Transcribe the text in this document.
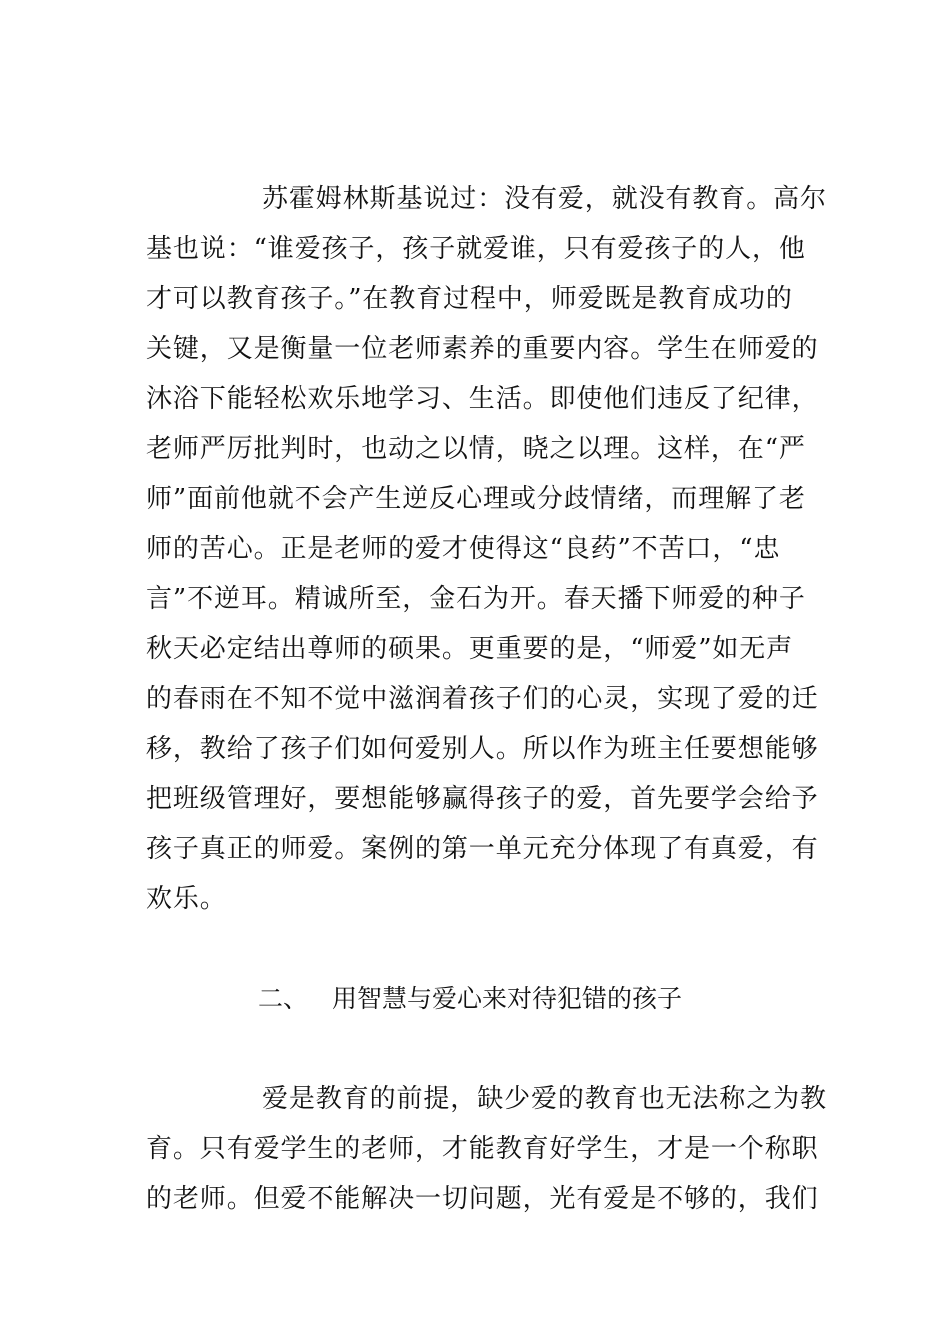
苏霍姆林斯基说过：没有爱，就没有教育。高尔
基也说：“谁爱孩子，孩子就爱谁，只有爱孩子的人，他
才可以教育孩子。”在教育过程中，师爱既是教育成功的
关键，又是衡量一位老师素养的重要内容。学生在师爱的
沐浴下能轻松欢乐地学习、生活。即使他们违反了纪律，
老师严厉批判时，也动之以情，晓之以理。这样，在“严
师”面前他就不会产生逆反心理或分歧情绪，而理解了老
师的苦心。正是老师的爱才使得这“良药”不苦口，“忠
言”不逆耳。精诚所至，金石为开。春天播下师爱的种子
秋天必定结出尊师的硕果。更重要的是，“师爱”如无声
的春雨在不知不觉中滋润着孩子们的心灵，实现了爱的迁
移，教给了孩子们如何爱别人。所以作为班主任要想能够
把班级管理好，要想能够赢得孩子的爱，首先要学会给予
孩子真正的师爱。案例的第一单元充分体现了有真爱，有
欢乐。
二、 用智慧与爱心来对待犯错的孩子
爱是教育的前提，缺少爱的教育也无法称之为教
育。只有爱学生的老师，才能教育好学生，才是一个称职
的老师。但爱不能解决一切问题，光有爱是不够的，我们
